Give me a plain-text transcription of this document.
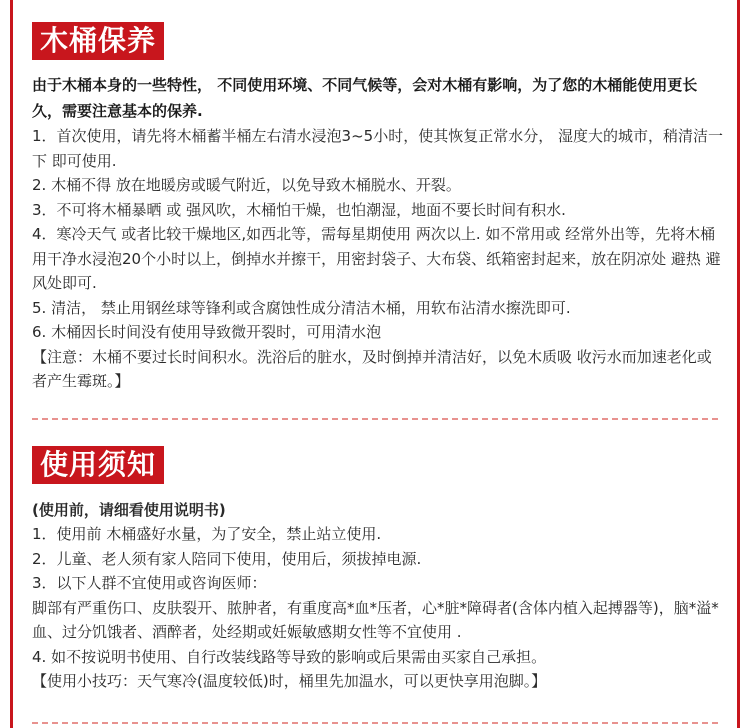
木桶保养
由于木桶本身的一些特性， 不同使用环境、不同气候等，会对木桶有影响，为了您的木桶能使用更长久，需要注意基本的保养.

1．首次使用，请先将木桶蓄半桶左右清水浸泡3~5小时，使其恢复正常水分， 湿度大的城市，稍清洁一下 即可使用.

2. 木桶不得 放在地暖房或暖气附近，以免导致木桶脱水、开裂。

3．不可将木桶暴晒 或 强风吹，木桶怕干燥，也怕潮湿，地面不要长时间有积水.

4．寒冷天气 或者比较干燥地区,如西北等，需每星期使用 两次以上. 如不常用或 经常外出等，先将木桶 用干净水浸泡20个小时以上，倒掉水并擦干，用密封袋子、大布袋、纸箱密封起来，放在阴凉处 避热 避风处即可.

5. 清洁， 禁止用钢丝球等锋利或含腐蚀性成分清洁木桶，用软布沾清水擦洗即可.

6. 木桶因长时间没有使用导致微开裂时，可用清水泡

【注意：木桶不要过长时间积水。洗浴后的脏水，及时倒掉并清洁好，以免木质吸 收污水而加速老化或者产生霉斑。】

使用须知
(使用前，请细看使用说明书)

1．使用前 木桶盛好水量，为了安全，禁止站立使用.

2．儿童、老人须有家人陪同下使用，使用后，须拔掉电源.

3．以下人群不宜使用或咨询医师：

脚部有严重伤口、皮肤裂开、脓肿者，有重度高*血*压者，心*脏*障碍者(含体内植入起搏器等)，脑*溢*血、过分饥饿者、酒醉者，处经期或妊娠敏感期女性等不宜使用 .

4. 如不按说明书使用、自行改装线路等导致的影响或后果需由买家自己承担。

【使用小技巧：天气寒冷(温度较低)时，桶里先加温水，可以更快享用泡脚。】
